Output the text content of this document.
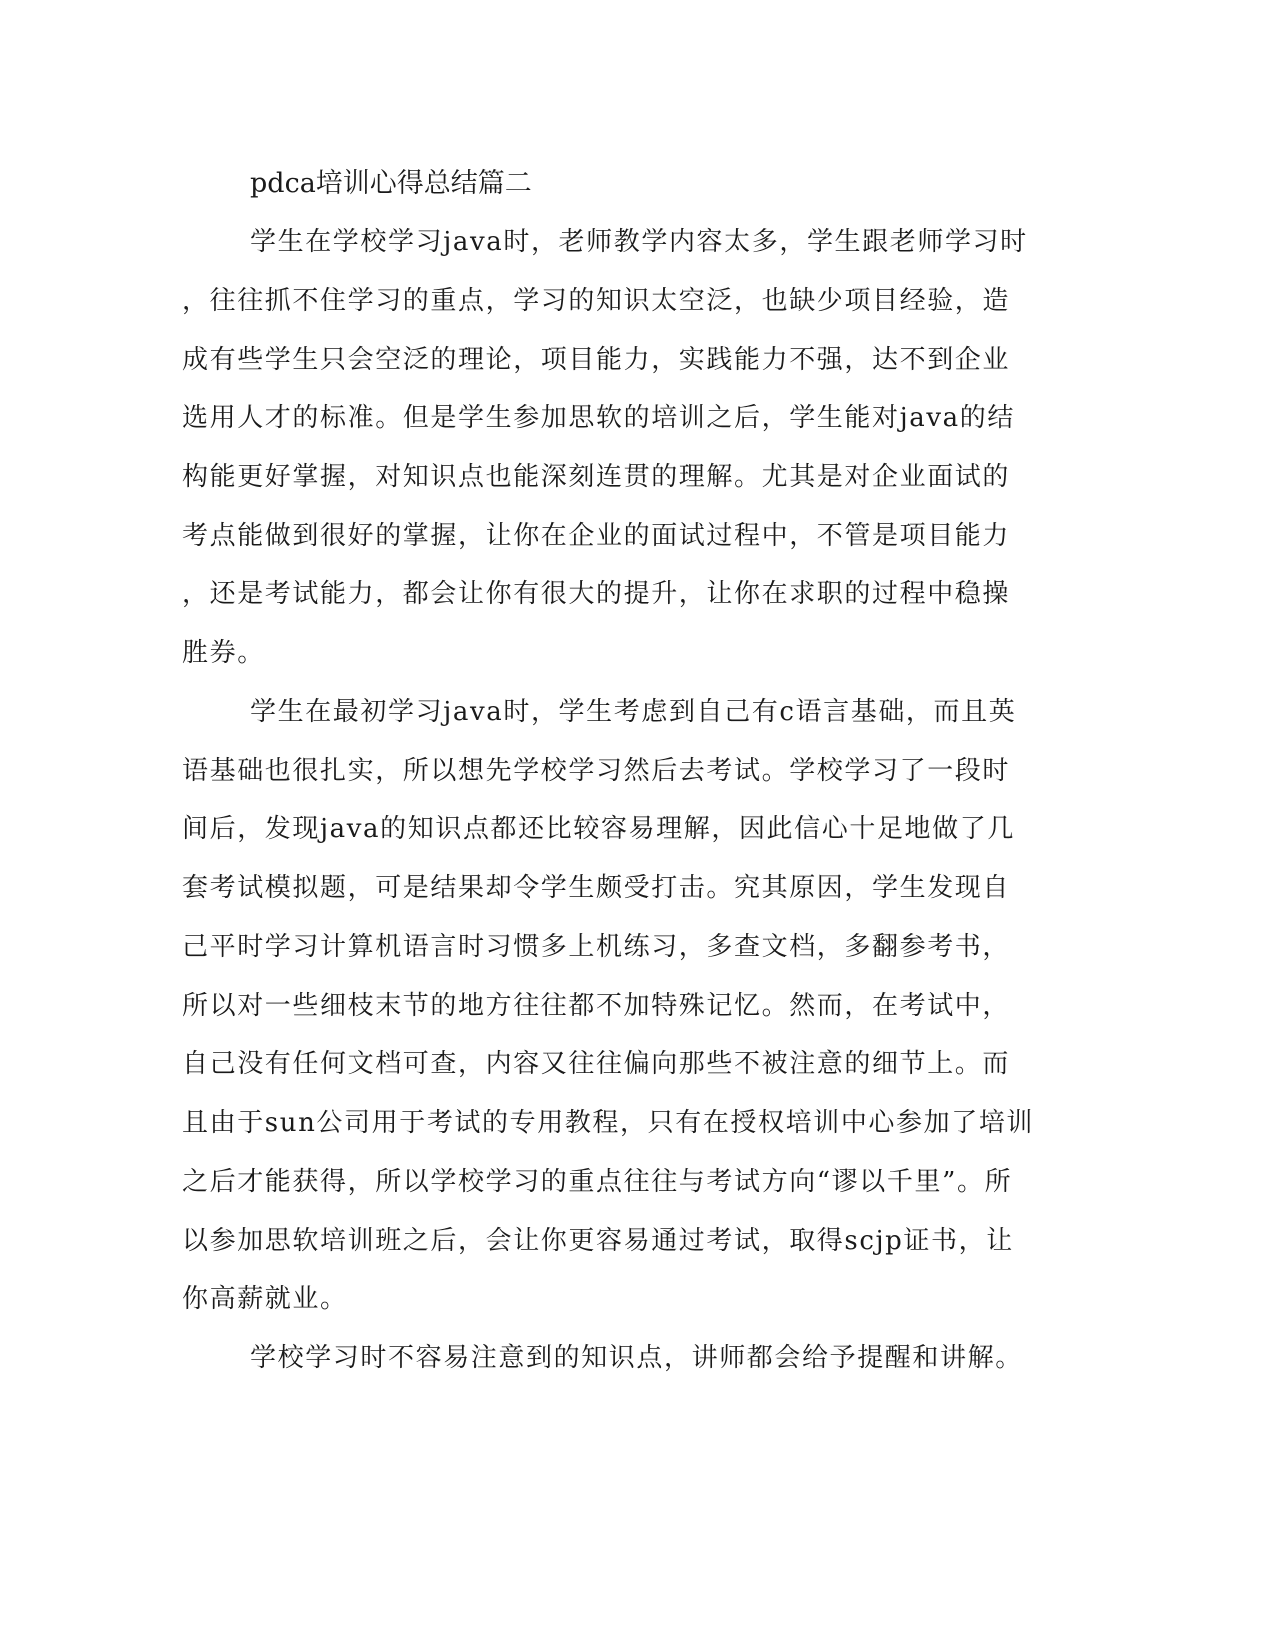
pdca培训心得总结篇二
学生在学校学习java时，老师教学内容太多，学生跟老师学习时
，往往抓不住学习的重点，学习的知识太空泛，也缺少项目经验，造
成有些学生只会空泛的理论，项目能力，实践能力不强，达不到企业
选用人才的标准。但是学生参加思软的培训之后，学生能对java的结
构能更好掌握，对知识点也能深刻连贯的理解。尤其是对企业面试的
考点能做到很好的掌握，让你在企业的面试过程中，不管是项目能力
，还是考试能力，都会让你有很大的提升，让你在求职的过程中稳操
胜券。
学生在最初学习java时，学生考虑到自己有c语言基础，而且英
语基础也很扎实，所以想先学校学习然后去考试。学校学习了一段时
间后，发现java的知识点都还比较容易理解，因此信心十足地做了几
套考试模拟题，可是结果却令学生颇受打击。究其原因，学生发现自
己平时学习计算机语言时习惯多上机练习，多查文档，多翻参考书，
所以对一些细枝末节的地方往往都不加特殊记忆。然而，在考试中，
自己没有任何文档可查，内容又往往偏向那些不被注意的细节上。而
且由于sun公司用于考试的专用教程，只有在授权培训中心参加了培训
之后才能获得，所以学校学习的重点往往与考试方向“谬以千里”。所
以参加思软培训班之后，会让你更容易通过考试，取得scjp证书，让
你高薪就业。
学校学习时不容易注意到的知识点，讲师都会给予提醒和讲解。
